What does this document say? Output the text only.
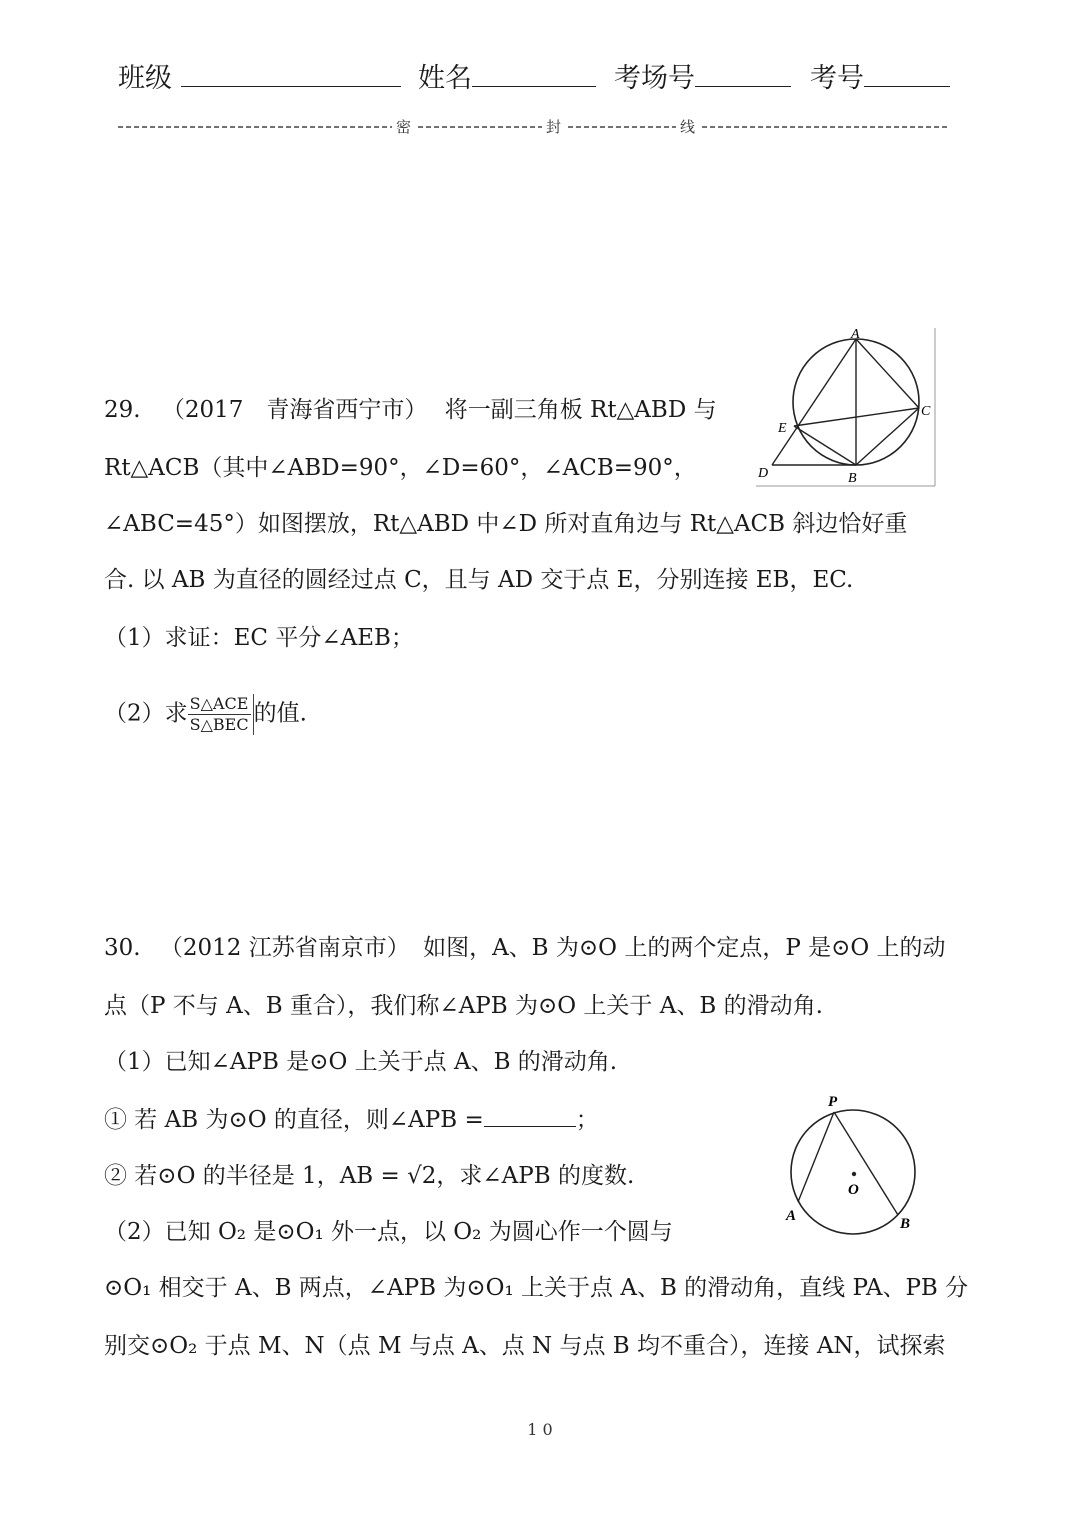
班级	姓名	考场号	考号
密	封	线
29. （2017　青海省西宁市） 将一副三角板 Rt△ABD 与
Rt△ACB（其中∠ABD=90°，∠D=60°，∠ACB=90°，
∠ABC=45°）如图摆放，Rt△ABD 中∠D 所对直角边与 Rt△ACB 斜边恰好重
合. 以 AB 为直径的圆经过点 C，且与 AD 交于点 E，分别连接 EB，EC.
（1）求证：EC 平分∠AEB；
（2）求 $\frac{\text{S△ACE}}{\text{S△BEC}}$ 的值.
A
B
C
D
E
30. （2012 江苏省南京市） 如图，A、B 为⊙O 上的两个定点，P 是⊙O 上的动
点（P 不与 A、B 重合），我们称∠APB 为⊙O 上关于 A、B 的滑动角.
（1）已知∠APB 是⊙O 上关于点 A、B 的滑动角.
① 若 AB 为⊙O 的直径，则∠APB =	；
② 若⊙O 的半径是 1，AB = √2，求∠APB 的度数.
（2）已知 O₂ 是⊙O₁ 外一点，以 O₂ 为圆心作一个圆与
⊙O₁ 相交于 A、B 两点，∠APB 为⊙O₁ 上关于点 A、B 的滑动角，直线 PA、PB 分
别交⊙O₂ 于点 M、N（点 M 与点 A、点 N 与点 B 均不重合），连接 AN，试探索
P
O
A	B
1 0
